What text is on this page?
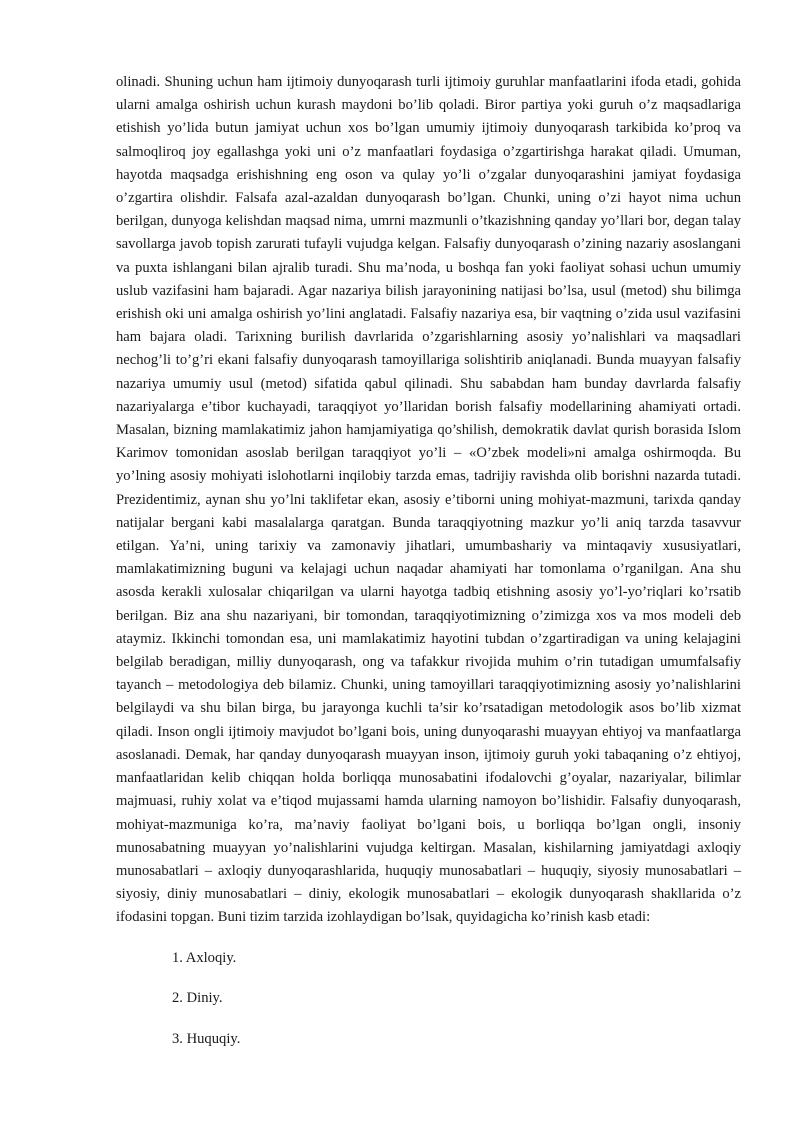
olinadi. Shuning uchun ham ijtimoiy dunyoqarash turli ijtimoiy guruhlar manfaatlarini ifoda etadi, gohida ularni amalga oshirish uchun kurash maydoni bo’lib qoladi. Biror partiya yoki guruh o’z maqsadlariga etishish yo’lida butun jamiyat uchun xos bo’lgan umumiy ijtimoiy dunyoqarash tarkibida ko’proq va salmoqliroq joy egallashga yoki uni o’z manfaatlari foydasiga o’zgartirishga harakat qiladi. Umuman, hayotda maqsadga erishishning eng oson va qulay yo’li o’zgalar dunyoqarashini jamiyat foydasiga o’zgartira olishdir. Falsafa azal-azaldan dunyoqarash bo’lgan. Chunki, uning o’zi hayot nima uchun berilgan, dunyoga kelishdan maqsad nima, umrni mazmunli o’tkazishning qanday yo’llari bor, degan talay savollarga javob topish zarurati tufayli vujudga kelgan. Falsafiy dunyoqarash o’zining nazariy asoslangani va puxta ishlangani bilan ajralib turadi. Shu ma’noda, u boshqa fan yoki faoliyat sohasi uchun umumiy uslub vazifasini ham bajaradi. Agar nazariya bilish jarayonining natijasi bo’lsa, usul (metod) shu bilimga erishish oki uni amalga oshirish yo’lini anglatadi. Falsafiy nazariya esa, bir vaqtning o’zida usul vazifasini ham bajara oladi. Tarixning burilish davrlarida o’zgarishlarning asosiy yo’nalishlari va maqsadlari nechog’li to’g’ri ekani falsafiy dunyoqarash tamoyillariga solishtirib aniqlanadi. Bunda muayyan falsafiy nazariya umumiy usul (metod) sifatida qabul qilinadi. Shu sababdan ham bunday davrlarda falsafiy nazariyalarga e’tibor kuchayadi, taraqqiyot yo’llaridan borish falsafiy modellarining ahamiyati ortadi. Masalan, bizning mamlakatimiz jahon hamjamiyatiga qo’shilish, demokratik davlat qurish borasida Islom Karimov tomonidan asoslab berilgan taraqqiyot yo’li – «O’zbek modeli»ni amalga oshirmoqda. Bu yo’lning asosiy mohiyati islohotlarni inqilobiy tarzda emas, tadrijiy ravishda olib borishni nazarda tutadi. Prezidentimiz, aynan shu yo’lni taklifetar ekan, asosiy e’tiborni uning mohiyat-mazmuni, tarixda qanday natijalar bergani kabi masalalarga qaratgan. Bunda taraqqiyotning mazkur yo’li aniq tarzda tasavvur etilgan. Ya’ni, uning tarixiy va zamonaviy jihatlari, umumbashariy va mintaqaviy xususiyatlari, mamlakatimizning buguni va kelajagi uchun naqadar ahamiyati har tomonlama o’rganilgan. Ana shu asosda kerakli xulosalar chiqarilgan va ularni hayotga tadbiq etishning asosiy yo’l-yo’riqlari ko’rsatib berilgan. Biz ana shu nazariyani, bir tomondan, taraqqiyotimizning o’zimizga xos va mos modeli deb ataymiz. Ikkinchi tomondan esa, uni mamlakatimiz hayotini tubdan o’zgartiradigan va uning kelajagini belgilab beradigan, milliy dunyoqarash, ong va tafakkur rivojida muhim o’rin tutadigan umumfalsafiy tayanch – metodologiya deb bilamiz. Chunki, uning tamoyillari taraqqiyotimizning asosiy yo’nalishlarini belgilaydi va shu bilan birga, bu jarayonga kuchli ta’sir ko’rsatadigan metodologik asos bo’lib xizmat qiladi. Inson ongli ijtimoiy mavjudot bo’lgani bois, uning dunyoqarashi muayyan ehtiyoj va manfaatlarga asoslanadi. Demak, har qanday dunyoqarash muayyan inson, ijtimoiy guruh yoki tabaqaning o’z ehtiyoj, manfaatlaridan kelib chiqqan holda borliqqa munosabatini ifodalovchi g’oyalar, nazariyalar, bilimlar majmuasi, ruhiy xolat va e’tiqod mujassami hamda ularning namoyon bo’lishidir. Falsafiy dunyoqarash, mohiyat-mazmuniga ko’ra, ma’naviy faoliyat bo’lgani bois, u borliqqa bo’lgan ongli, insoniy munosabatning muayyan yo’nalishlarini vujudga keltirgan. Masalan, kishilarning jamiyatdagi axloqiy munosabatlari – axloqiy dunyoqarashlarida, huquqiy munosabatlari – huquqiy, siyosiy munosabatlari – siyosiy, diniy munosabatlari – diniy, ekologik munosabatlari – ekologik dunyoqarash shakllarida o’z ifodasini topgan. Buni tizim tarzida izohlaydigan bo’lsak, quyidagicha ko’rinish kasb etadi:

1. Axloqiy.
2. Diniy.
3. Huquqiy.
